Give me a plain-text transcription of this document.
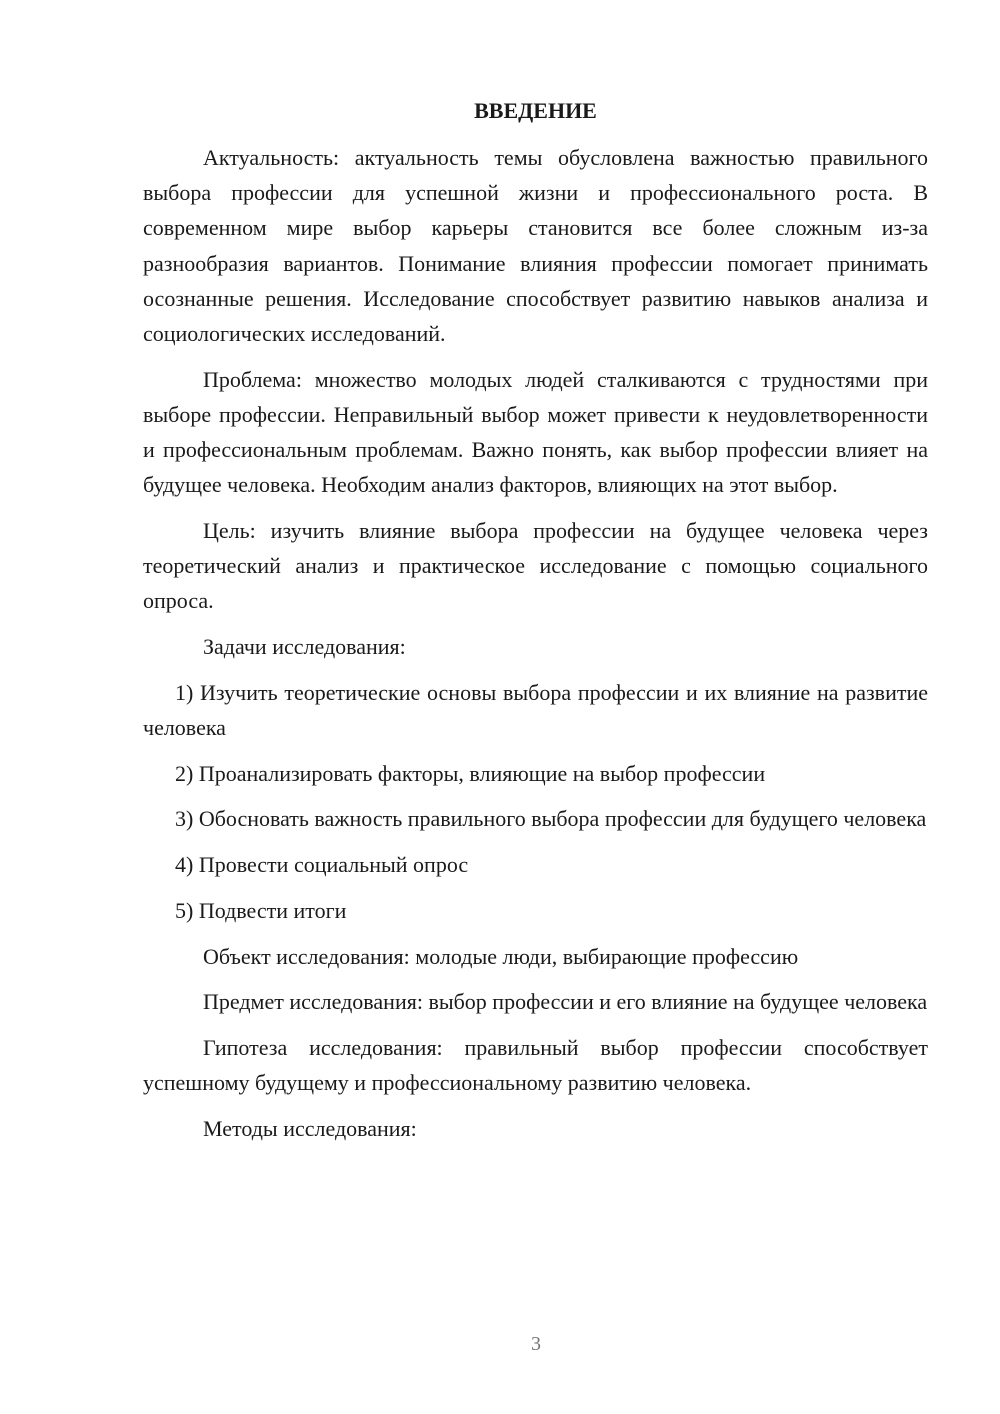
ВВЕДЕНИЕ

Актуальность: актуальность темы обусловлена важностью правильного выбора профессии для успешной жизни и профессионального роста. В современном мире выбор карьеры становится все более сложным из-за разнообразия вариантов. Понимание влияния профессии помогает принимать осознанные решения. Исследование способствует развитию навыков анализа и социологических исследований.

Проблема: множество молодых людей сталкиваются с трудностями при выборе профессии. Неправильный выбор может привести к неудовлетворенности и профессиональным проблемам. Важно понять, как выбор профессии влияет на будущее человека. Необходим анализ факторов, влияющих на этот выбор.

Цель: изучить влияние выбора профессии на будущее человека через теоретический анализ и практическое исследование с помощью социального опроса.

Задачи исследования:

1) Изучить теоретические основы выбора профессии и их влияние на развитие человека

2) Проанализировать факторы, влияющие на выбор профессии

3) Обосновать важность правильного выбора профессии для будущего человека

4) Провести социальный опрос

5) Подвести итоги

Объект исследования: молодые люди, выбирающие профессию

Предмет исследования: выбор профессии и его влияние на будущее человека

Гипотеза исследования: правильный выбор профессии способствует успешному будущему и профессиональному развитию человека.

Методы исследования:

3
